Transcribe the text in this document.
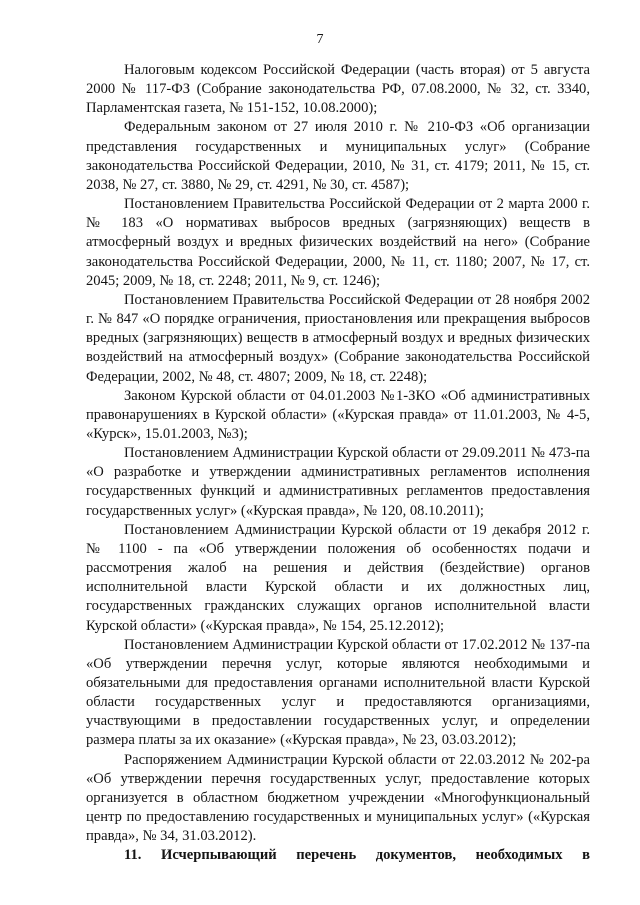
7

Налоговым кодексом Российской Федерации (часть вторая) от 5 августа 2000 № 117-ФЗ (Собрание законодательства РФ, 07.08.2000, № 32, ст. 3340, Парламентская газета, № 151-152, 10.08.2000);

Федеральным законом от 27 июля 2010 г. № 210-ФЗ «Об организации представления государственных и муниципальных услуг» (Собрание законодательства Российской Федерации, 2010, № 31, ст. 4179; 2011, № 15, ст. 2038, № 27, ст. 3880, № 29, ст. 4291, № 30, ст. 4587);

Постановлением Правительства Российской Федерации от 2 марта 2000 г. № 183 «О нормативах выбросов вредных (загрязняющих) веществ в атмосферный воздух и вредных физических воздействий на него» (Собрание законодательства Российской Федерации, 2000, № 11, ст. 1180; 2007, № 17, ст. 2045; 2009, № 18, ст. 2248; 2011, № 9, ст. 1246);

Постановлением Правительства Российской Федерации от 28 ноября 2002 г. № 847 «О порядке ограничения, приостановления или прекращения выбросов вредных (загрязняющих) веществ в атмосферный воздух и вредных физических воздействий на атмосферный воздух» (Собрание законодательства Российской Федерации, 2002, № 48, ст. 4807; 2009, № 18, ст. 2248);

Законом Курской области от 04.01.2003 №1-ЗКО «Об административных правонарушениях в Курской области» («Курская правда» от 11.01.2003, № 4-5, «Курск», 15.01.2003, №3);

Постановлением Администрации Курской области от 29.09.2011 № 473-па «О разработке и утверждении административных регламентов исполнения государственных функций и административных регламентов предоставления государственных услуг» («Курская правда», № 120, 08.10.2011);

Постановлением Администрации Курской области от 19 декабря 2012 г. № 1100 - па «Об утверждении положения об особенностях подачи и рассмотрения жалоб на решения и действия (бездействие) органов исполнительной власти Курской области и их должностных лиц, государственных гражданских служащих органов исполнительной власти Курской области» («Курская правда», № 154, 25.12.2012);

Постановлением Администрации Курской области от 17.02.2012 № 137-па «Об утверждении перечня услуг, которые являются необходимыми и обязательными для предоставления органами исполнительной власти Курской области государственных услуг и предоставляются организациями, участвующими в предоставлении государственных услуг, и определении размера платы за их оказание» («Курская правда», № 23, 03.03.2012);

Распоряжением Администрации Курской области от 22.03.2012 № 202-ра «Об утверждении перечня государственных услуг, предоставление которых организуется в областном бюджетном учреждении «Многофункциональный центр по предоставлению государственных и муниципальных услуг» («Курская правда», № 34, 31.03.2012).

11. Исчерпывающий перечень документов, необходимых в
